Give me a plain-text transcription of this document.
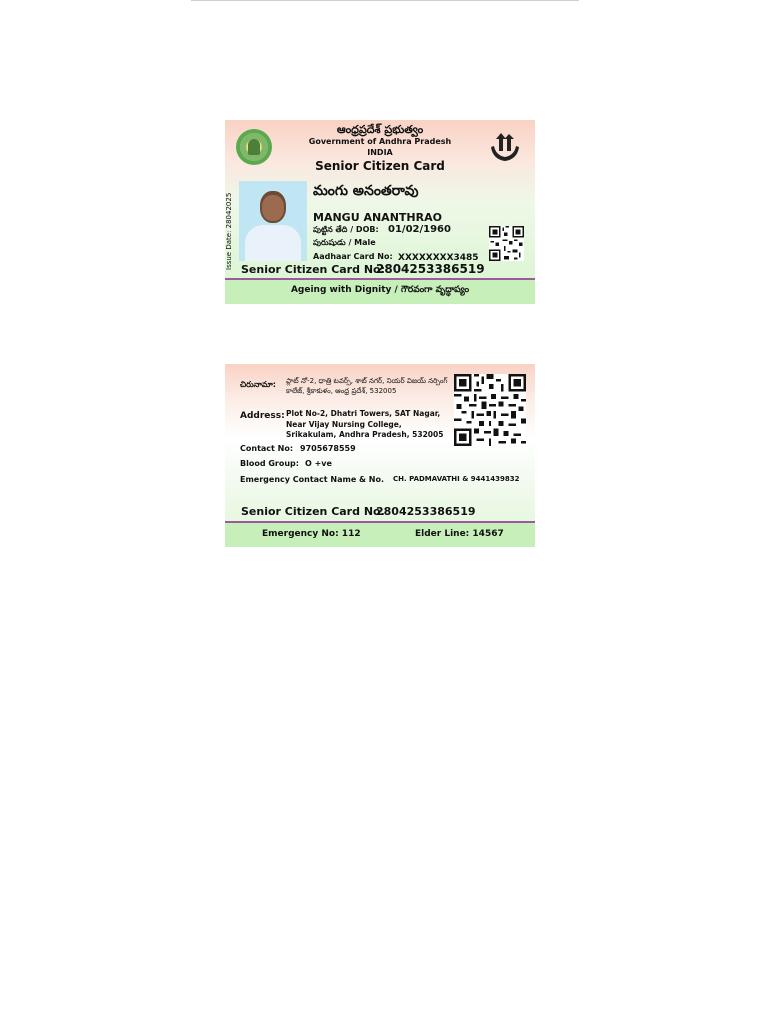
ఆంధ్రప్రదేశ్ ప్రభుత్వం
Government of Andhra Pradesh
INDIA
Senior Citizen Card
Issue Date: 28042025
మంగు అనంతరావు
MANGU ANANTHRAO
పుట్టిన తేది / DOB: 01/02/1960
పురుషుడు / Male
Aadhaar Card No: XXXXXXXX3485
Senior Citizen Card No:
2804253386519
Ageing with Dignity / గౌరవంగా వృద్ధాప్యం
చిరునామా: ప్లాట్ నో-2, ధాత్రి టవర్స్, శాట్ నగర్, నియర్ విజయ్ నర్సింగ్ కాలేజ్, శ్రీకాకుళం, ఆంధ్ర ప్రదేశ్, 532005
Address: Plot No-2, Dhatri Towers, SAT Nagar, Near Vijay Nursing College, Srikakulam, Andhra Pradesh, 532005
Contact No: 9705678559
Blood Group: O +ve
Emergency Contact Name & No. CH. PADMAVATHI & 9441439832
Senior Citizen Card No.
2804253386519
Emergency No: 112	Elder Line: 14567
